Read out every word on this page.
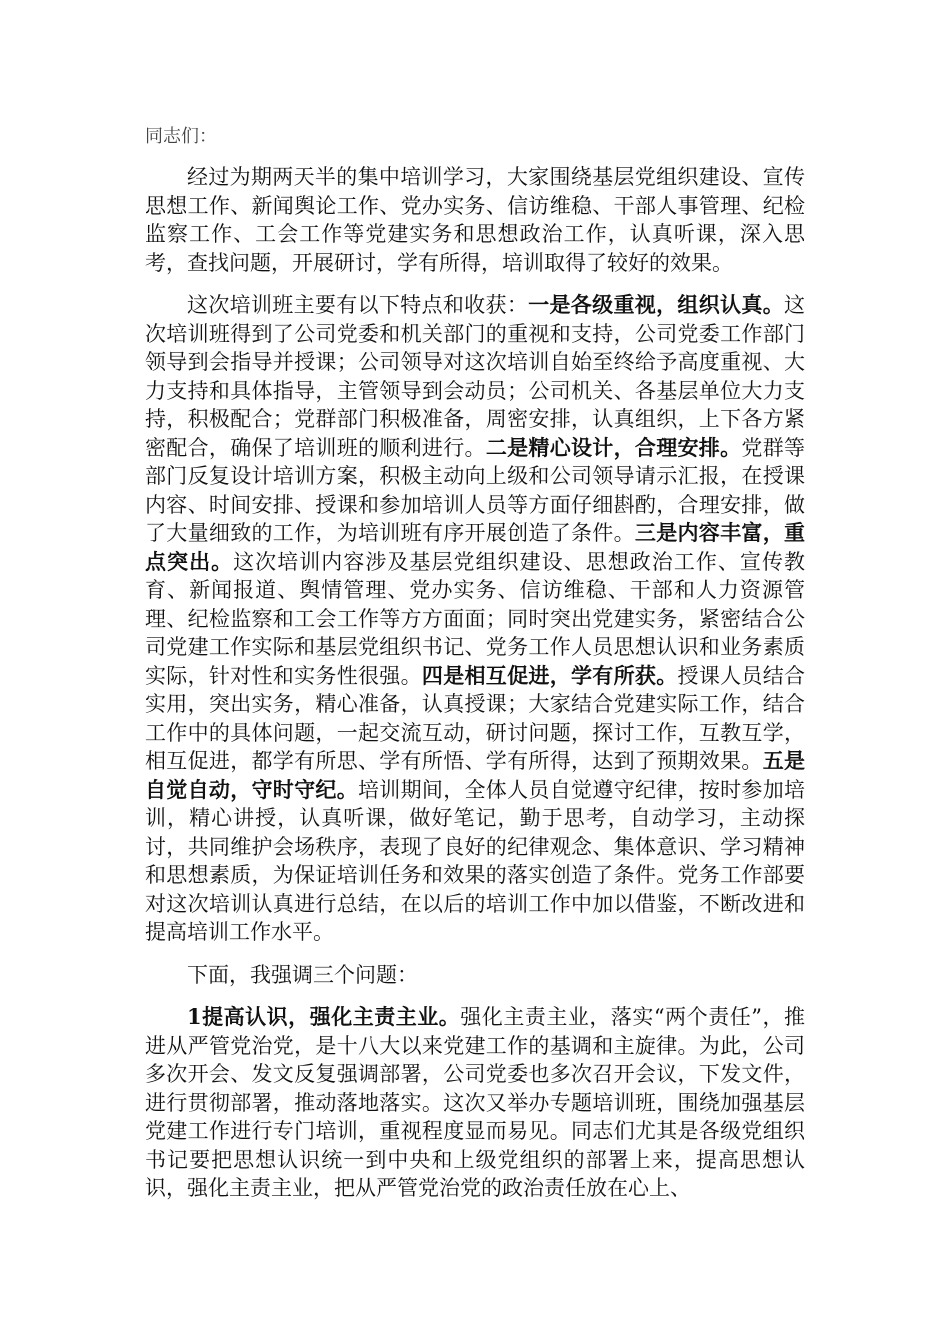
同志们：

经过为期两天半的集中培训学习，大家围绕基层党组织建设、宣传思想工作、新闻舆论工作、党办实务、信访维稳、干部人事管理、纪检监察工作、工会工作等党建实务和思想政治工作，认真听课，深入思考，查找问题，开展研讨，学有所得，培训取得了较好的效果。

这次培训班主要有以下特点和收获：一是各级重视，组织认真。这次培训班得到了公司党委和机关部门的重视和支持，公司党委工作部门领导到会指导并授课；公司领导对这次培训自始至终给予高度重视、大力支持和具体指导，主管领导到会动员；公司机关、各基层单位大力支持，积极配合；党群部门积极准备，周密安排，认真组织，上下各方紧密配合，确保了培训班的顺利进行。二是精心设计，合理安排。党群等部门反复设计培训方案，积极主动向上级和公司领导请示汇报，在授课内容、时间安排、授课和参加培训人员等方面仔细斟酌，合理安排，做了大量细致的工作，为培训班有序开展创造了条件。三是内容丰富，重点突出。这次培训内容涉及基层党组织建设、思想政治工作、宣传教育、新闻报道、舆情管理、党办实务、信访维稳、干部和人力资源管理、纪检监察和工会工作等方方面面；同时突出党建实务，紧密结合公司党建工作实际和基层党组织书记、党务工作人员思想认识和业务素质实际，针对性和实务性很强。四是相互促进，学有所获。授课人员结合实用，突出实务，精心准备，认真授课；大家结合党建实际工作，结合工作中的具体问题，一起交流互动，研讨问题，探讨工作，互教互学，相互促进，都学有所思、学有所悟、学有所得，达到了预期效果。五是自觉自动，守时守纪。培训期间，全体人员自觉遵守纪律，按时参加培训，精心讲授，认真听课，做好笔记，勤于思考，自动学习，主动探讨，共同维护会场秩序，表现了良好的纪律观念、集体意识、学习精神和思想素质，为保证培训任务和效果的落实创造了条件。党务工作部要对这次培训认真进行总结，在以后的培训工作中加以借鉴，不断改进和提高培训工作水平。

下面，我强调三个问题：

1提高认识，强化主责主业。强化主责主业，落实“两个责任”，推进从严管党治党，是十八大以来党建工作的基调和主旋律。为此，公司多次开会、发文反复强调部署，公司党委也多次召开会议，下发文件，进行贯彻部署，推动落地落实。这次又举办专题培训班，围绕加强基层党建工作进行专门培训，重视程度显而易见。同志们尤其是各级党组织书记要把思想认识统一到中央和上级党组织的部署上来，提高思想认识，强化主责主业，把从严管党治党的政治责任放在心上、
